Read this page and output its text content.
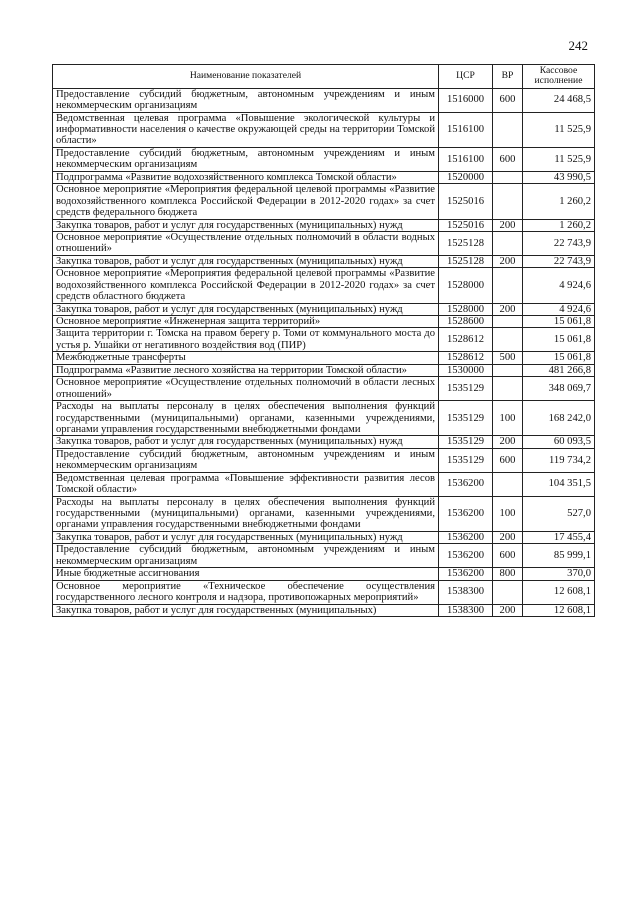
242
Наименование показателей	ЦСР	ВР	Кассовое исполнение
Предоставление субсидий бюджетным, автономным учреждениям и иным некоммерческим организациям	1516000	600	24 468,5
Ведомственная целевая программа «Повышение экологической культуры и информативности населения о качестве окружающей среды на территории Томской области»	1516100		11 525,9
Предоставление субсидий бюджетным, автономным учреждениям и иным некоммерческим организациям	1516100	600	11 525,9
Подпрограмма «Развитие водохозяйственного комплекса Томской области»	1520000		43 990,5
Основное мероприятие «Мероприятия федеральной целевой программы «Развитие водохозяйственного комплекса Российской Федерации в 2012-2020 годах» за счет средств федерального бюджета	1525016		1 260,2
Закупка товаров, работ и услуг для государственных (муниципальных) нужд	1525016	200	1 260,2
Основное мероприятие «Осуществление отдельных полномочий в области водных отношений»	1525128		22 743,9
Закупка товаров, работ и услуг для государственных (муниципальных) нужд	1525128	200	22 743,9
Основное мероприятие «Мероприятия федеральной целевой программы «Развитие водохозяйственного комплекса Российской Федерации в 2012-2020 годах» за счет средств областного бюджета	1528000		4 924,6
Закупка товаров, работ и услуг для государственных (муниципальных) нужд	1528000	200	4 924,6
Основное мероприятие «Инженерная защита территорий»	1528600		15 061,8
Защита территории г. Томска на правом берегу р. Томи от коммунального моста до устья р. Ушайки от негативного воздействия вод (ПИР)	1528612		15 061,8
Межбюджетные трансферты	1528612	500	15 061,8
Подпрограмма «Развитие лесного хозяйства на территории Томской области»	1530000		481 266,8
Основное мероприятие «Осуществление отдельных полномочий в области лесных отношений»	1535129		348 069,7
Расходы на выплаты персоналу в целях обеспечения выполнения функций государственными (муниципальными) органами, казенными учреждениями, органами управления государственными внебюджетными фондами	1535129	100	168 242,0
Закупка товаров, работ и услуг для государственных (муниципальных) нужд	1535129	200	60 093,5
Предоставление субсидий бюджетным, автономным учреждениям и иным некоммерческим организациям	1535129	600	119 734,2
Ведомственная целевая программа «Повышение эффективности развития лесов Томской области»	1536200		104 351,5
Расходы на выплаты персоналу в целях обеспечения выполнения функций государственными (муниципальными) органами, казенными учреждениями, органами управления государственными внебюджетными фондами	1536200	100	527,0
Закупка товаров, работ и услуг для государственных (муниципальных) нужд	1536200	200	17 455,4
Предоставление субсидий бюджетным, автономным учреждениям и иным некоммерческим организациям	1536200	600	85 999,1
Иные бюджетные ассигнования	1536200	800	370,0
Основное мероприятие «Техническое обеспечение осуществления государственного лесного контроля и надзора, противопожарных мероприятий»	1538300		12 608,1
Закупка товаров, работ и услуг для государственных (муниципальных)	1538300	200	12 608,1
